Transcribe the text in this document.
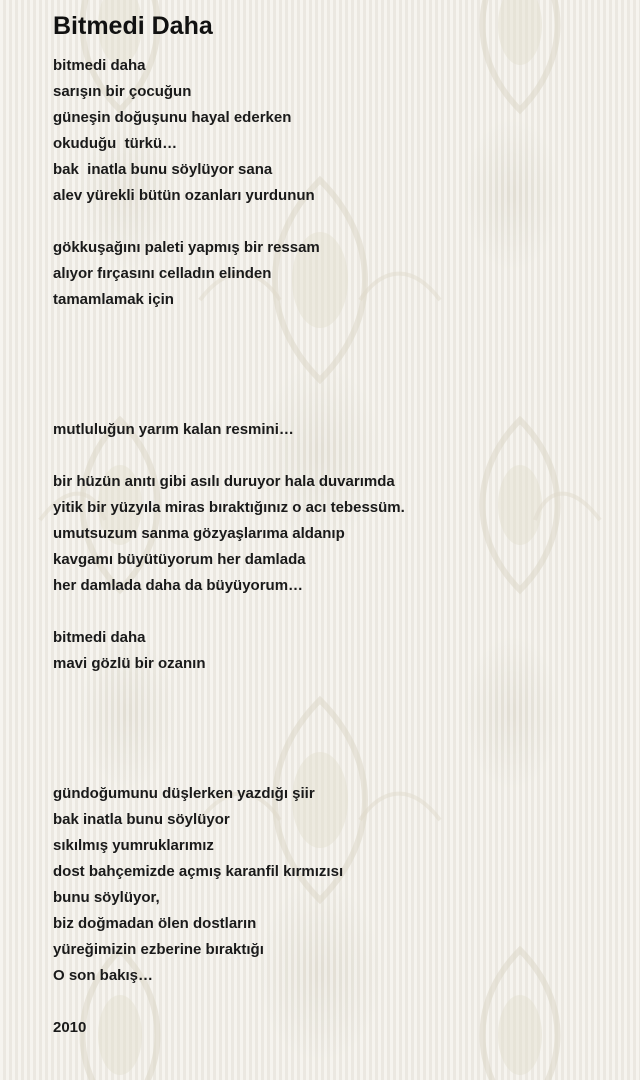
Bitmedi Daha
bitmedi daha
sarışın bir çocuğun
güneşin doğuşunu hayal ederken
okuduğu  türkü…
bak  inatla bunu söylüyor sana
alev yürekli bütün ozanları yurdunun
gökkuşağını paleti yapmış bir ressam
alıyor fırçasını celladın elinden
tamamlamak için
mutluluğun yarım kalan resmini…
bir hüzün anıtı gibi asılı duruyor hala duvarımda
yitik bir yüzyıla miras bıraktığınız o acı tebessüm.
umutsuzum sanma gözyaşlarıma aldanıp
kavgamı büyütüyorum her damlada
her damlada daha da büyüyorum…
bitmedi daha
mavi gözlü bir ozanın
gündoğumunu düşlerken yazdığı şiir
bak inatla bunu söylüyor
sıkılmış yumruklarımız
dost bahçemizde açmış karanfil kırmızısı
bunu söylüyor,
biz doğmadan ölen dostların
yüreğimizin ezberine bıraktığı
O son bakış…
2010
